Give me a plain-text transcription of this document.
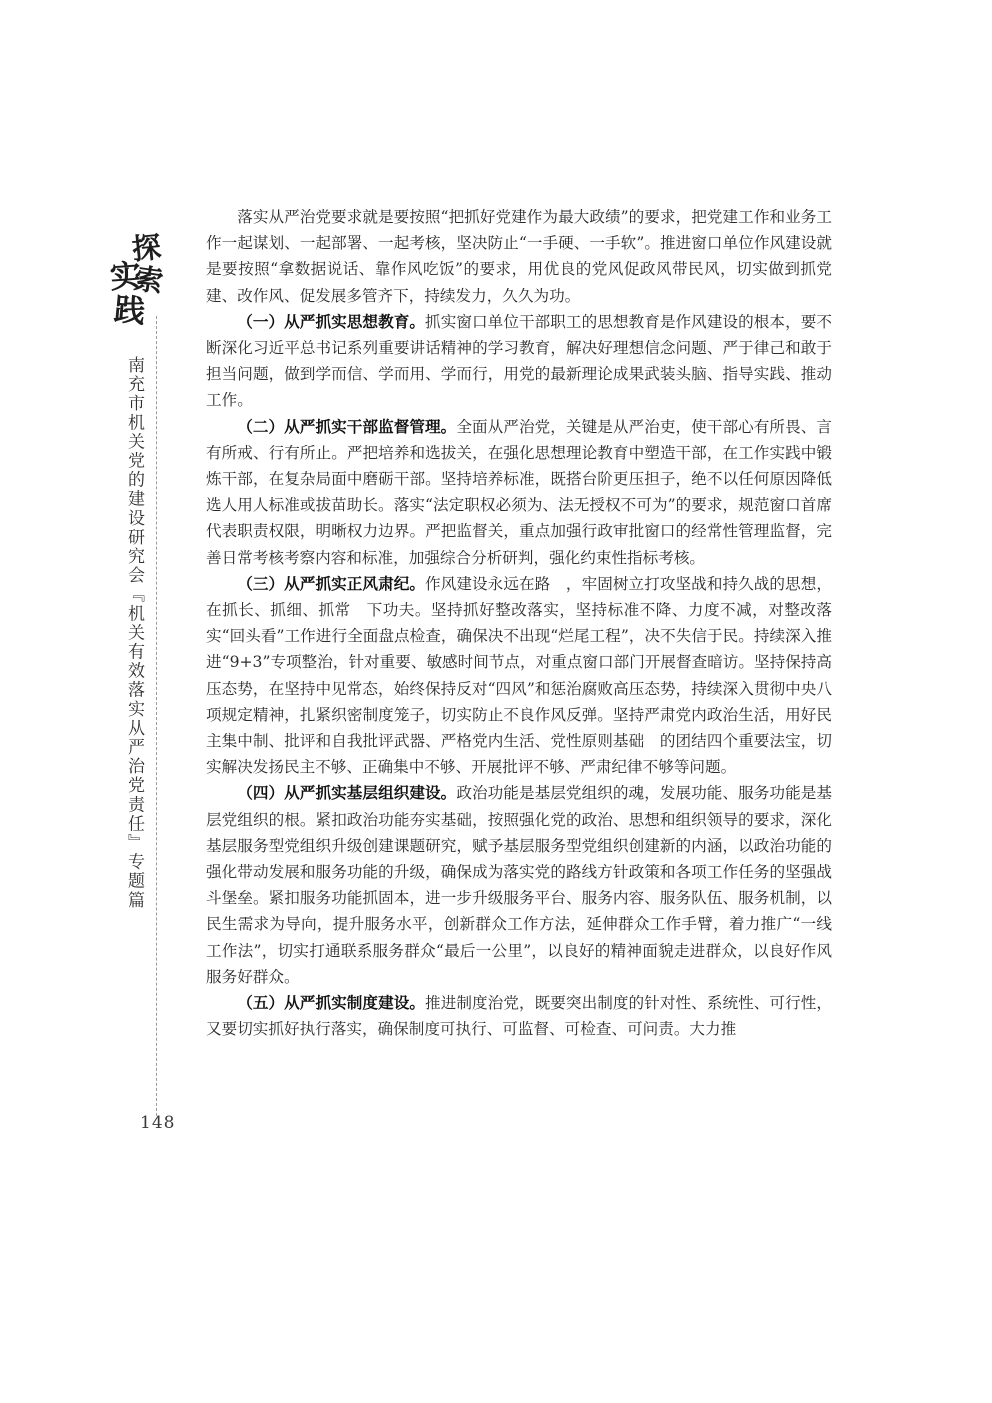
探
索
实
践
南充市机关党的建设研究会『机关有效落实从严治党责任』专题篇
148

落实从严治党要求就是要按照“把抓好党建作为最大政绩”的要求，把党建工作和业务工作一起谋划、一起部署、一起考核，坚决防止“一手硬、一手软”。推进窗口单位作风建设就是要按照“拿数据说话、靠作风吃饭”的要求，用优良的党风促政风带民风，切实做到抓党建、改作风、促发展多管齐下，持续发力，久久为功。

（一）从严抓实思想教育。抓实窗口单位干部职工的思想教育是作风建设的根本，要不断深化习近平总书记系列重要讲话精神的学习教育，解决好理想信念问题、严于律己和敢于担当问题，做到学而信、学而用、学而行，用党的最新理论成果武装头脑、指导实践、推动工作。

（二）从严抓实干部监督管理。全面从严治党，关键是从严治吏，使干部心有所畏、言有所戒、行有所止。严把培养和选拔关，在强化思想理论教育中塑造干部，在工作实践中锻炼干部，在复杂局面中磨砺干部。坚持培养标准，既搭台阶更压担子，绝不以任何原因降低选人用人标准或拔苗助长。落实“法定职权必须为、法无授权不可为”的要求，规范窗口首席代表职责权限，明晰权力边界。严把监督关，重点加强行政审批窗口的经常性管理监督，完善日常考核考察内容和标准，加强综合分析研判，强化约束性指标考核。

（三）从严抓实正风肃纪。作风建设永远在路　，牢固树立打攻坚战和持久战的思想，在抓长、抓细、抓常　下功夫。坚持抓好整改落实，坚持标准不降、力度不减，对整改落实“回头看”工作进行全面盘点检查，确保决不出现“烂尾工程”，决不失信于民。持续深入推进“9+3”专项整治，针对重要、敏感时间节点，对重点窗口部门开展督查暗访。坚持保持高压态势，在坚持中见常态，始终保持反对“四风”和惩治腐败高压态势，持续深入贯彻中央八项规定精神，扎紧织密制度笼子，切实防止不良作风反弹。坚持严肃党内政治生活，用好民主集中制、批评和自我批评武器、严格党内生活、党性原则基础　的团结四个重要法宝，切实解决发扬民主不够、正确集中不够、开展批评不够、严肃纪律不够等问题。

（四）从严抓实基层组织建设。政治功能是基层党组织的魂，发展功能、服务功能是基层党组织的根。紧扣政治功能夯实基础，按照强化党的政治、思想和组织领导的要求，深化基层服务型党组织升级创建课题研究，赋予基层服务型党组织创建新的内涵，以政治功能的强化带动发展和服务功能的升级，确保成为落实党的路线方针政策和各项工作任务的坚强战斗堡垒。紧扣服务功能抓固本，进一步升级服务平台、服务内容、服务队伍、服务机制，以民生需求为导向，提升服务水平，创新群众工作方法，延伸群众工作手臂，着力推广“一线工作法”，切实打通联系服务群众“最后一公里”，以良好的精神面貌走进群众，以良好作风服务好群众。

（五）从严抓实制度建设。推进制度治党，既要突出制度的针对性、系统性、可行性，又要切实抓好执行落实，确保制度可执行、可监督、可检查、可问责。大力推
